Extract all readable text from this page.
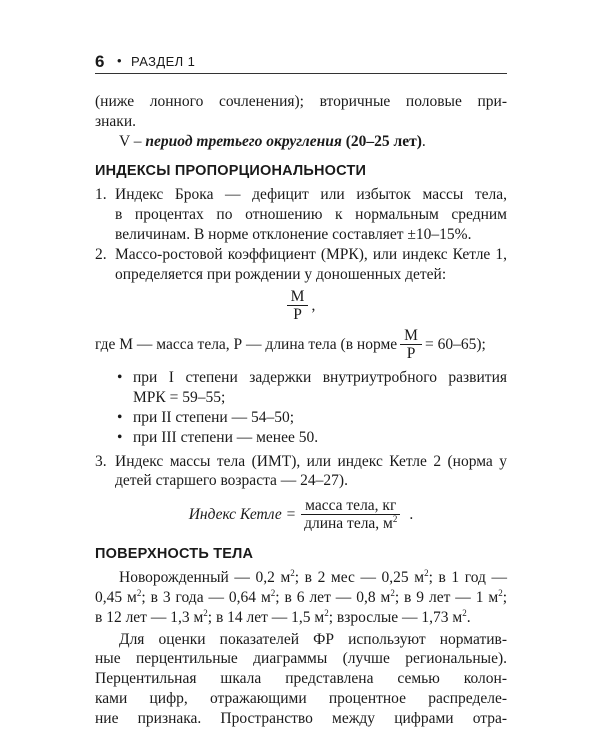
6 • РАЗДЕЛ 1

(ниже лонного сочленения); вторичные половые при-

знаки.

V – период третьего округления (20–25 лет).

ИНДЕКСЫ ПРОПОРЦИОНАЛЬНОСТИ
1. Индекс Брока — дефицит или избыток массы тела,

в процентах по отношению к нормальным средним

величинам. В норме отклонение составляет ±10–15%.

2. Массо-ростовой коэффициент (МРК), или индекс Кетле 1,

определяется при рождении у доношенных детей:

$\frac{M}{P}$ ,

где М — масса тела, Р — длина тела (в норме $\frac{M}{P} = 60-65$);

• при I степени задержки внутриутробного развития

МРК = 59–55;

• при II степени — 54–50;

• при III степени — менее 50.

3. Индекс массы тела (ИМТ), или индекс Кетле 2 (норма у

детей старшего возраста — 24–27).

Индекс Кетле = $\frac{\text{масса тела, кг}}{длина тела, м^2}$ .
ПОВЕРХНОСТЬ ТЕЛА

Новорожденный — 0,2 $м^2$; в 2 мес — 0,25 $м^2$; в 1 год —

0,45 $м^2$; в 3 года — 0,64 $м^2$; в 6 лет — 0,8 $м^2$; в 9 лет — 1 $м^2$;

в 12 лет — 1,3 $м^2$; в 14 лет — 1,5 $м^2$; взрослые — 1,73 $м^2$.

Для оценки показателей ФР используют норматив-

ные перцентильные диаграммы (лучше региональные).

Перцентильная шкала представлена семью колон-

ками цифр, отражающими процентное распределе-

ние признака. Пространство между цифрами отра-
